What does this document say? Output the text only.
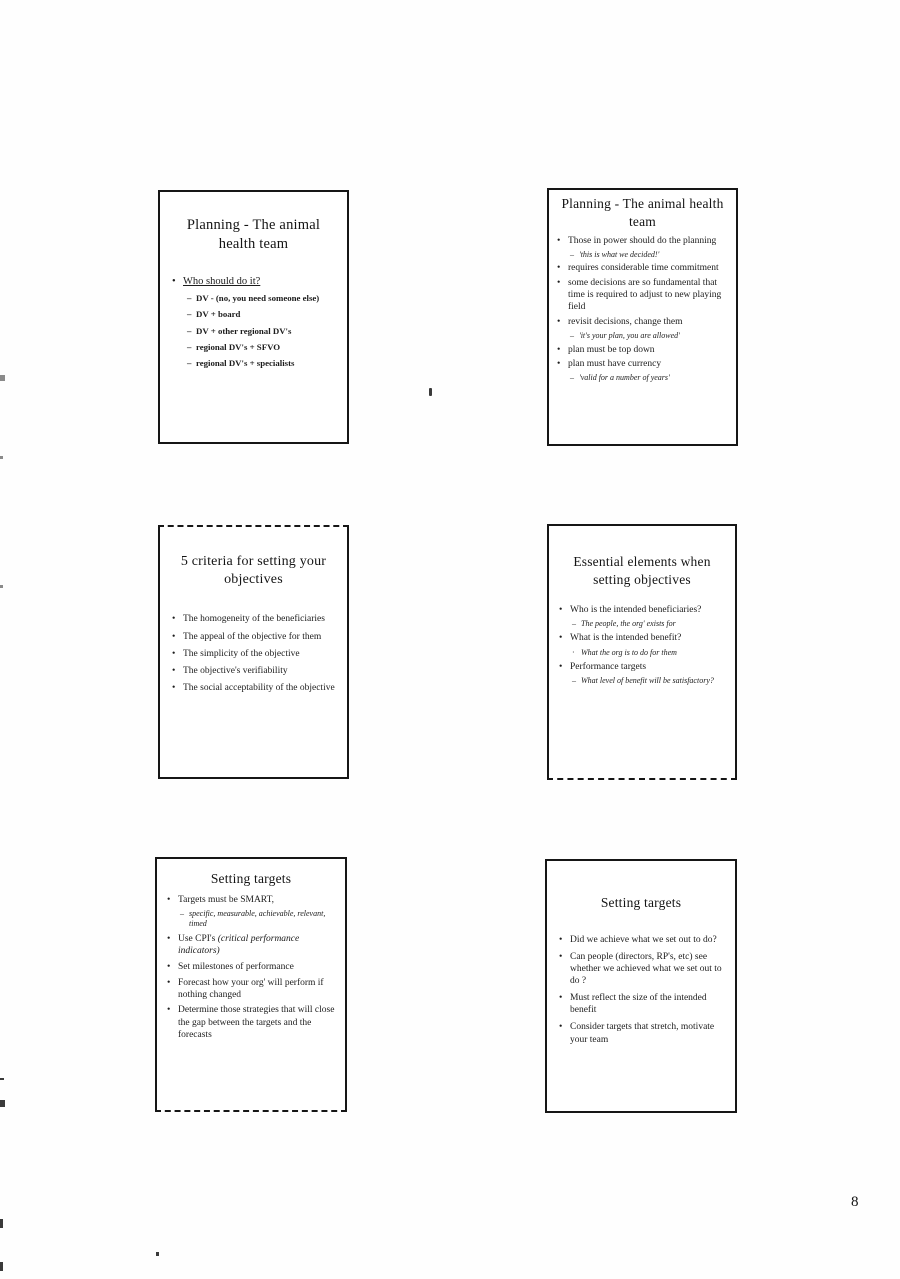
Planning - The animal health team
• Who should do it?
– DV - (no, you need someone else)
– DV + board
– DV + other regional DV's
– regional DV's + SFVO
– regional DV's + specialists
Planning - The animal health team
• Those in power should do the planning
– 'this is what we decided!'
• requires considerable time commitment
• some decisions are so fundamental that time is required to adjust to new playing field
• revisit decisions, change them
– 'it's your plan, you are allowed'
• plan must be top down
• plan must have currency
– 'valid for a number of years'
5 criteria for setting your objectives
• The homogeneity of the beneficiaries
• The appeal of the objective for them
• The simplicity of the objective
• The objective's verifiability
• The social acceptability of the objective
Essential elements when setting objectives
• Who is the intended beneficiaries?
– The people, the org' exists for
• What is the intended benefit?
· What the org is to do for them
• Performance targets
– What level of benefit will be satisfactory?
Setting targets
• Targets must be SMART,
– specific, measurable, achievable, relevant, timed
• Use CPI's (critical performance indicators)
• Set milestones of performance
• Forecast how your org' will perform if nothing changed
• Determine those strategies that will close the gap between the targets and the forecasts
Setting targets
• Did we achieve what we set out to do?
• Can people (directors, RP's, etc) see whether we achieved what we set out to do ?
• Must reflect the size of the intended benefit
• Consider targets that stretch, motivate your team
8
